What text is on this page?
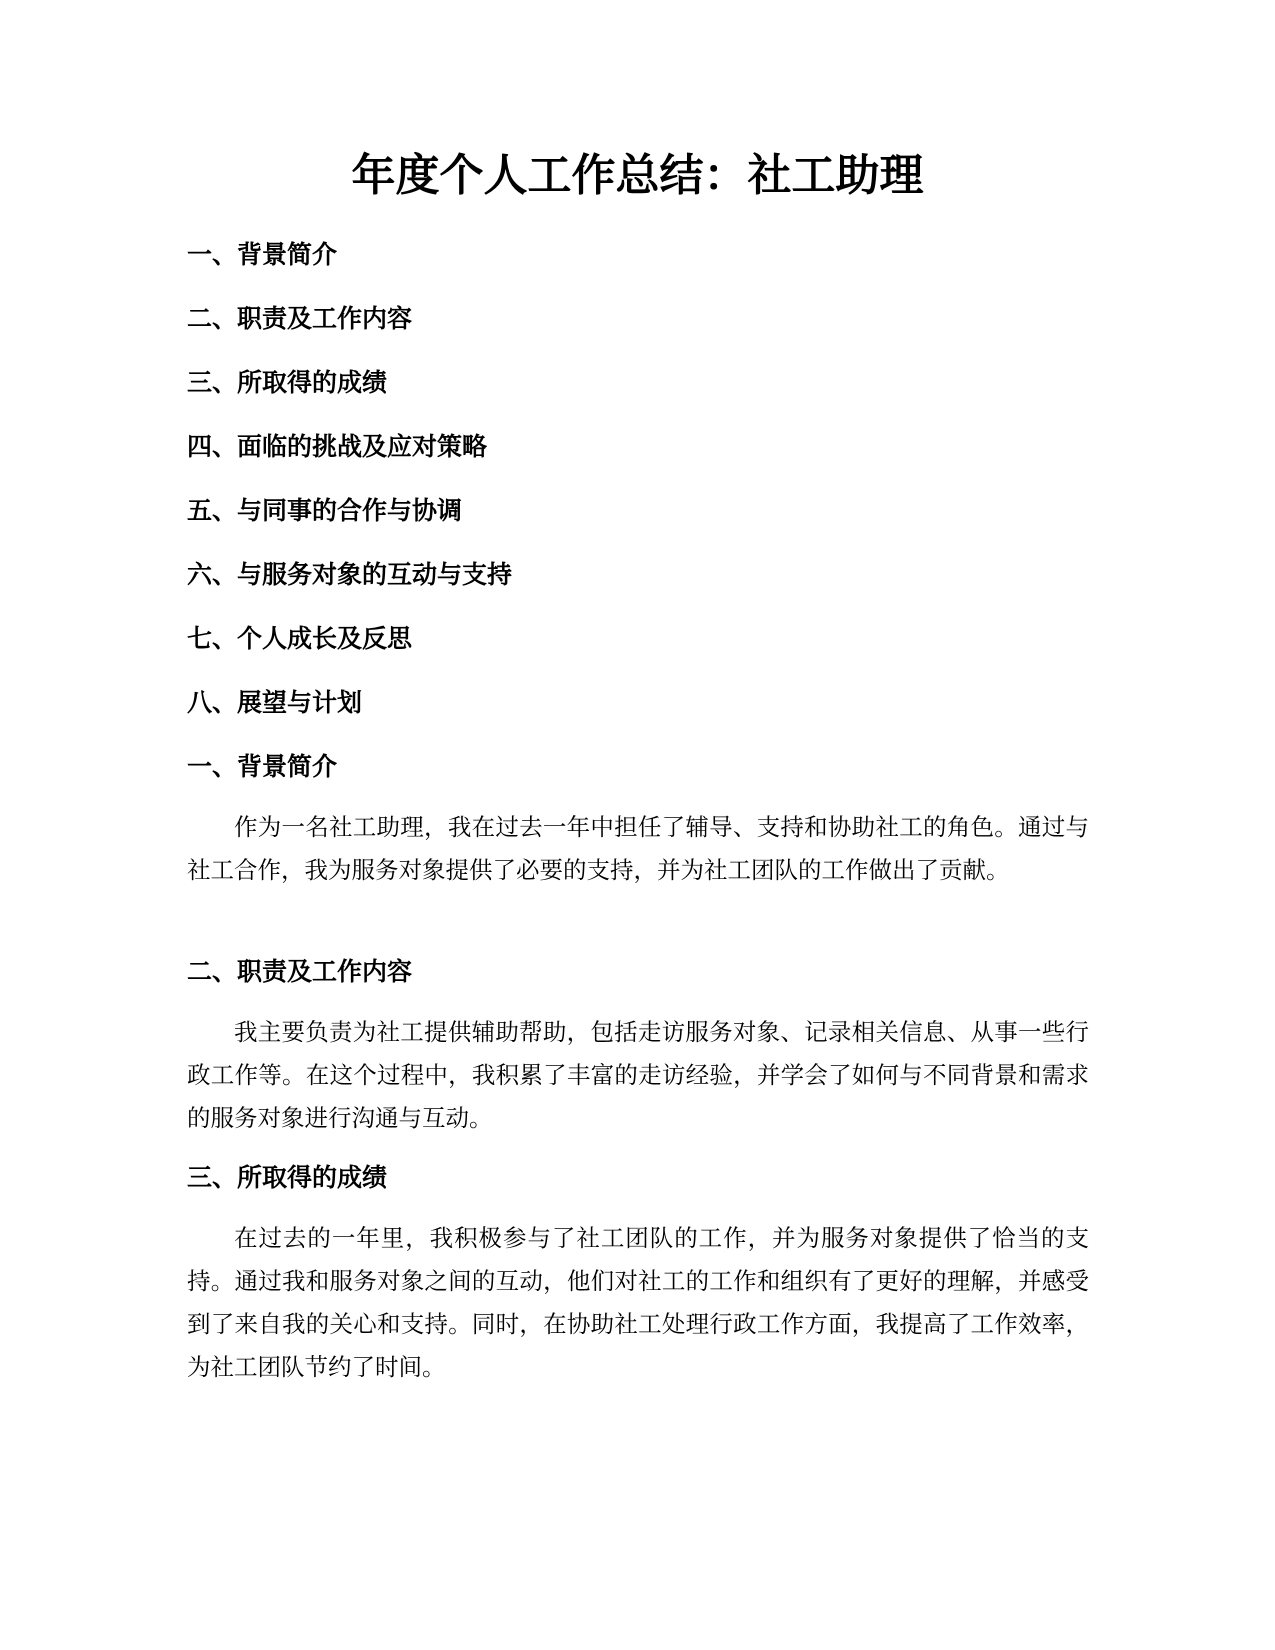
年度个人工作总结：社工助理
一、背景简介
二、职责及工作内容
三、所取得的成绩
四、面临的挑战及应对策略
五、与同事的合作与协调
六、与服务对象的互动与支持
七、个人成长及反思
八、展望与计划
一、背景简介

作为一名社工助理，我在过去一年中担任了辅导、支持和协助社工的角色。通过与社工合作，我为服务对象提供了必要的支持，并为社工团队的工作做出了贡献。

二、职责及工作内容

我主要负责为社工提供辅助帮助，包括走访服务对象、记录相关信息、从事一些行政工作等。在这个过程中，我积累了丰富的走访经验，并学会了如何与不同背景和需求的服务对象进行沟通与互动。

三、所取得的成绩

在过去的一年里，我积极参与了社工团队的工作，并为服务对象提供了恰当的支持。通过我和服务对象之间的互动，他们对社工的工作和组织有了更好的理解，并感受到了来自我的关心和支持。同时，在协助社工处理行政工作方面，我提高了工作效率，为社工团队节约了时间。
